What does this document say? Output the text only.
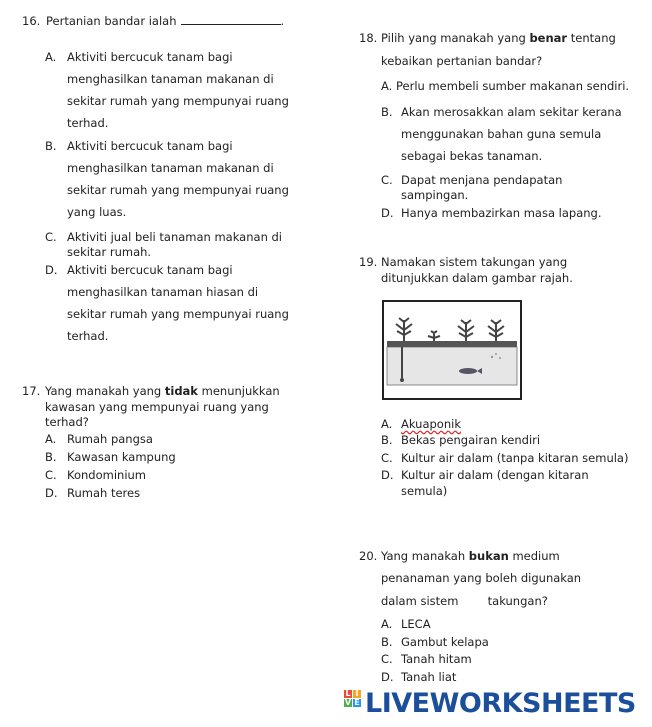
16. Pertanian bandar ialah	.
A. Aktiviti bercucuk tanam bagi
menghasilkan tanaman makanan di
sekitar rumah yang mempunyai ruang
terhad.
B. Aktiviti bercucuk tanam bagi
menghasilkan tanaman makanan di
sekitar rumah yang mempunyai ruang
yang luas.
C. Aktiviti jual beli tanaman makanan di
sekitar rumah.
D. Aktiviti bercucuk tanam bagi
menghasilkan tanaman hiasan di
sekitar rumah yang mempunyai ruang
terhad.
17. Yang manakah yang tidak menunjukkan
kawasan yang mempunyai ruang yang
terhad?
A. Rumah pangsa
B. Kawasan kampung
C. Kondominium
D. Rumah teres
18. Pilih yang manakah yang benar tentang
kebaikan pertanian bandar?
A. Perlu membeli sumber makanan sendiri.
B. Akan merosakkan alam sekitar kerana
menggunakan bahan guna semula
sebagai bekas tanaman.
C. Dapat menjana pendapatan
sampingan.
D. Hanya membazirkan masa lapang.
19. Namakan sistem takungan yang
ditunjukkan dalam gambar rajah.
A. Akuaponik
B. Bekas pengairan kendiri
C. Kultur air dalam (tanpa kitaran semula)
D. Kultur air dalam (dengan kitaran
semula)
20. Yang manakah bukan medium
penanaman yang boleh digunakan
dalam sistem        takungan?
A. LECA
B. Gambut kelapa
C. Tanah hitam
D. Tanah liat
L I
V E LIVEWORKSHEETS
